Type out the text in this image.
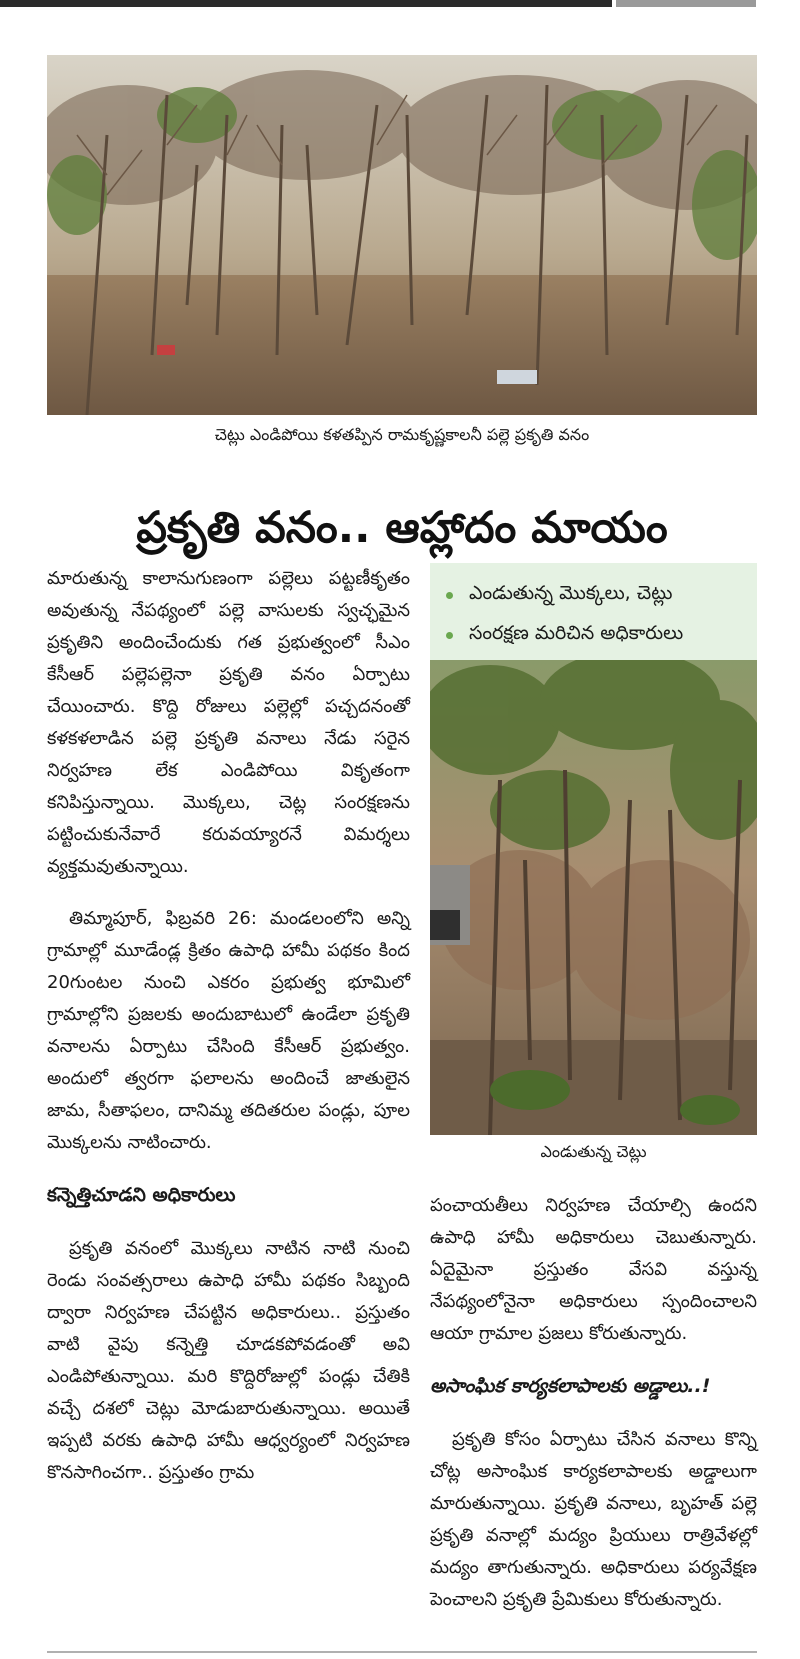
చెట్లు ఎండిపోయి కళతప్పిన రామకృష్ణకాలనీ పల్లె ప్రకృతి వనం
ప్రకృతి వనం.. ఆహ్లాదం మాయం

మారుతున్న కాలానుగుణంగా పల్లెలు పట్టణీకృతం అవుతున్న నేపథ్యంలో పల్లె వాసులకు స్వచ్ఛమైన ప్రకృతిని అందించేందుకు గత ప్రభుత్వంలో సీఎం కేసీఆర్ పల్లెపల్లెనా ప్రకృతి వనం ఏర్పాటు చేయించారు. కొద్ది రోజులు పల్లెల్లో పచ్చదనంతో కళకళలాడిన పల్లె ప్రకృతి వనాలు నేడు సరైన నిర్వహణ లేక ఎండిపోయి వికృతంగా కనిపిస్తున్నాయి. మొక్కలు, చెట్ల సంరక్షణను పట్టించుకునేవారే కరువయ్యారనే విమర్శలు వ్యక్తమవుతున్నాయి.

తిమ్మాపూర్, ఫిబ్రవరి 26: మండలంలోని అన్ని గ్రామాల్లో మూడేండ్ల క్రితం ఉపాధి హామీ పథకం కింద 20గుంటల నుంచి ఎకరం ప్రభుత్వ భూమిలో గ్రామాల్లోని ప్రజలకు అందుబాటులో ఉండేలా ప్రకృతి వనాలను ఏర్పాటు చేసింది కేసీఆర్ ప్రభుత్వం. అందులో త్వరగా ఫలాలను అందించే జాతులైన జామ, సీతాఫలం, దానిమ్మ తదితరుల పండ్లు, పూల మొక్కలను నాటించారు.

కన్నెత్తిచూడని అధికారులు

ప్రకృతి వనంలో మొక్కలు నాటిన నాటి నుంచి రెండు సంవత్సరాలు ఉపాధి హామీ పథకం సిబ్బంది ద్వారా నిర్వహణ చేపట్టిన అధికారులు.. ప్రస్తుతం వాటి వైపు కన్నెత్తి చూడకపోవడంతో అవి ఎండిపోతున్నాయి. మరి కొద్దిరోజుల్లో పండ్లు చేతికి వచ్చే దశలో చెట్లు మోడుబారుతున్నాయి. అయితే ఇప్పటి వరకు ఉపాధి హామీ ఆధ్వర్యంలో నిర్వహణ కొనసాగించగా.. ప్రస్తుతం గ్రామ

ఎండుతున్న మొక్కలు, చెట్లు
సంరక్షణ మరిచిన అధికారులు
ఎండుతున్న చెట్లు

పంచాయతీలు నిర్వహణ చేయాల్సి ఉందని ఉపాధి హామీ అధికారులు చెబుతున్నారు. ఏదైమైనా ప్రస్తుతం వేసవి వస్తున్న నేపథ్యంలోనైనా అధికారులు స్పందించాలని ఆయా గ్రామాల ప్రజలు కోరుతున్నారు.

అసాంఘిక కార్యకలాపాలకు అడ్డాలు..!

ప్రకృతి కోసం ఏర్పాటు చేసిన వనాలు కొన్ని చోట్ల అసాంఘిక కార్యకలాపాలకు అడ్డాలుగా మారుతున్నాయి. ప్రకృతి వనాలు, బృహత్ పల్లె ప్రకృతి వనాల్లో మద్యం ప్రియులు రాత్రివేళల్లో మద్యం తాగుతున్నారు. అధికారులు పర్యవేక్షణ పెంచాలని ప్రకృతి ప్రేమికులు కోరుతున్నారు.
